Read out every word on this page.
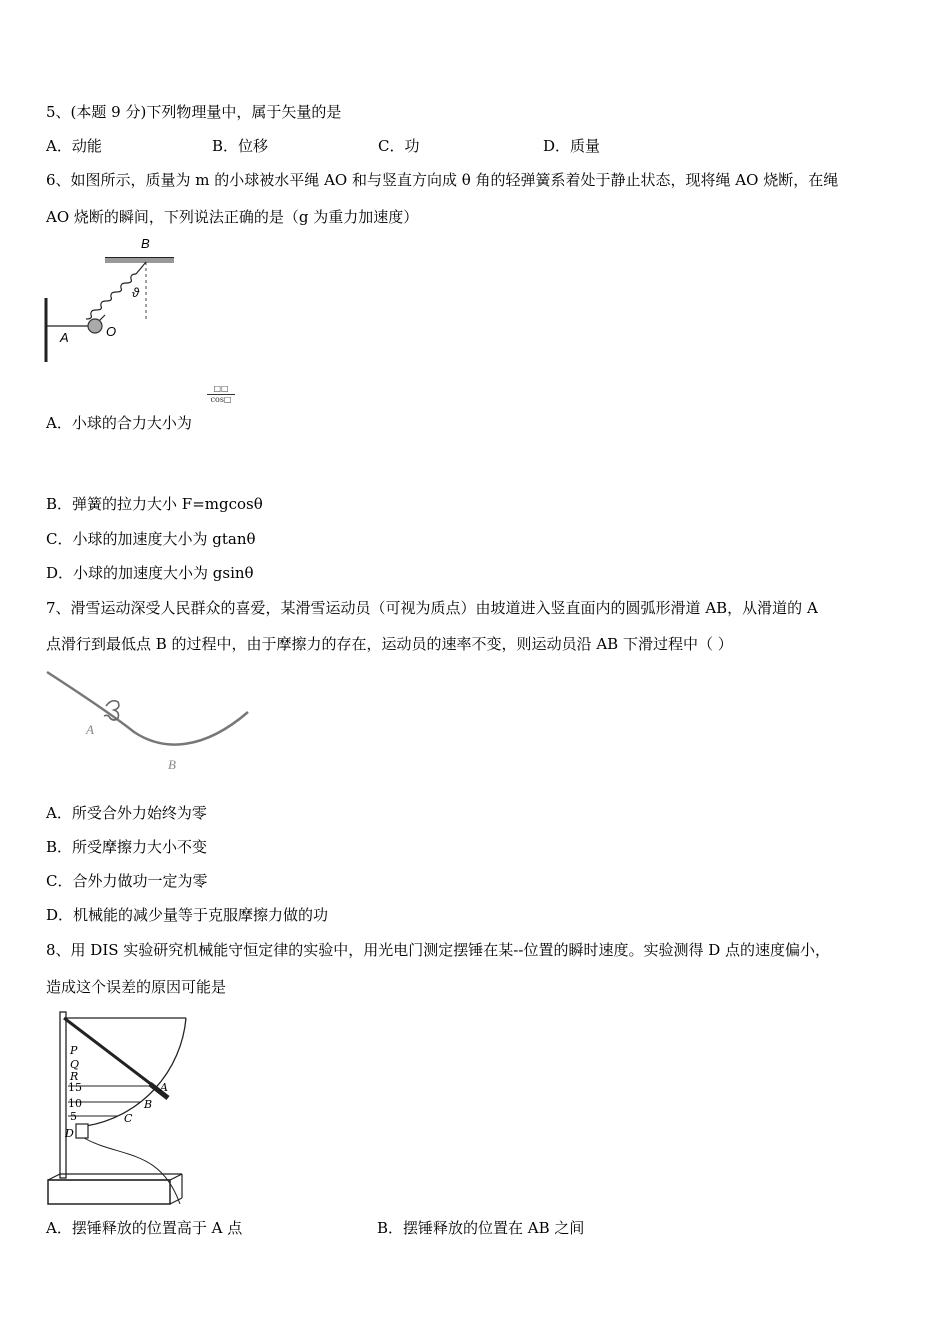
5、(本题 9 分)下列物理量中，属于矢量的是
A．动能	B．位移	C．功	D．质量
6、如图所示，质量为 m 的小球被水平绳 AO 和与竖直方向成 θ 角的轻弹簧系着处于静止状态，现将绳 AO 烧断，在绳
AO 烧断的瞬间，下列说法正确的是（g 为重力加速度）
B
ϑ
A	O
A．小球的合力大小为
□□
cos□
B．弹簧的拉力大小 F=mgcosθ
C．小球的加速度大小为 gtanθ
D．小球的加速度大小为 gsinθ
7、滑雪运动深受人民群众的喜爱，某滑雪运动员（可视为质点）由坡道进入竖直面内的圆弧形滑道 AB，从滑道的 A
点滑行到最低点 B 的过程中，由于摩擦力的存在，运动员的速率不变，则运动员沿 AB 下滑过程中（ ）
A
B
A．所受合外力始终为零
B．所受摩擦力大小不变
C．合外力做功一定为零
D．机械能的减少量等于克服摩擦力做的功
8、用 DIS 实验研究机械能守恒定律的实验中，用光电门测定摆锤在某--位置的瞬时速度。实验测得 D 点的速度偏小，
造成这个误差的原因可能是
P
Q
R
15
10
5
D
A
B
C
A．摆锤释放的位置高于 A 点	B．摆锤释放的位置在 AB 之间
